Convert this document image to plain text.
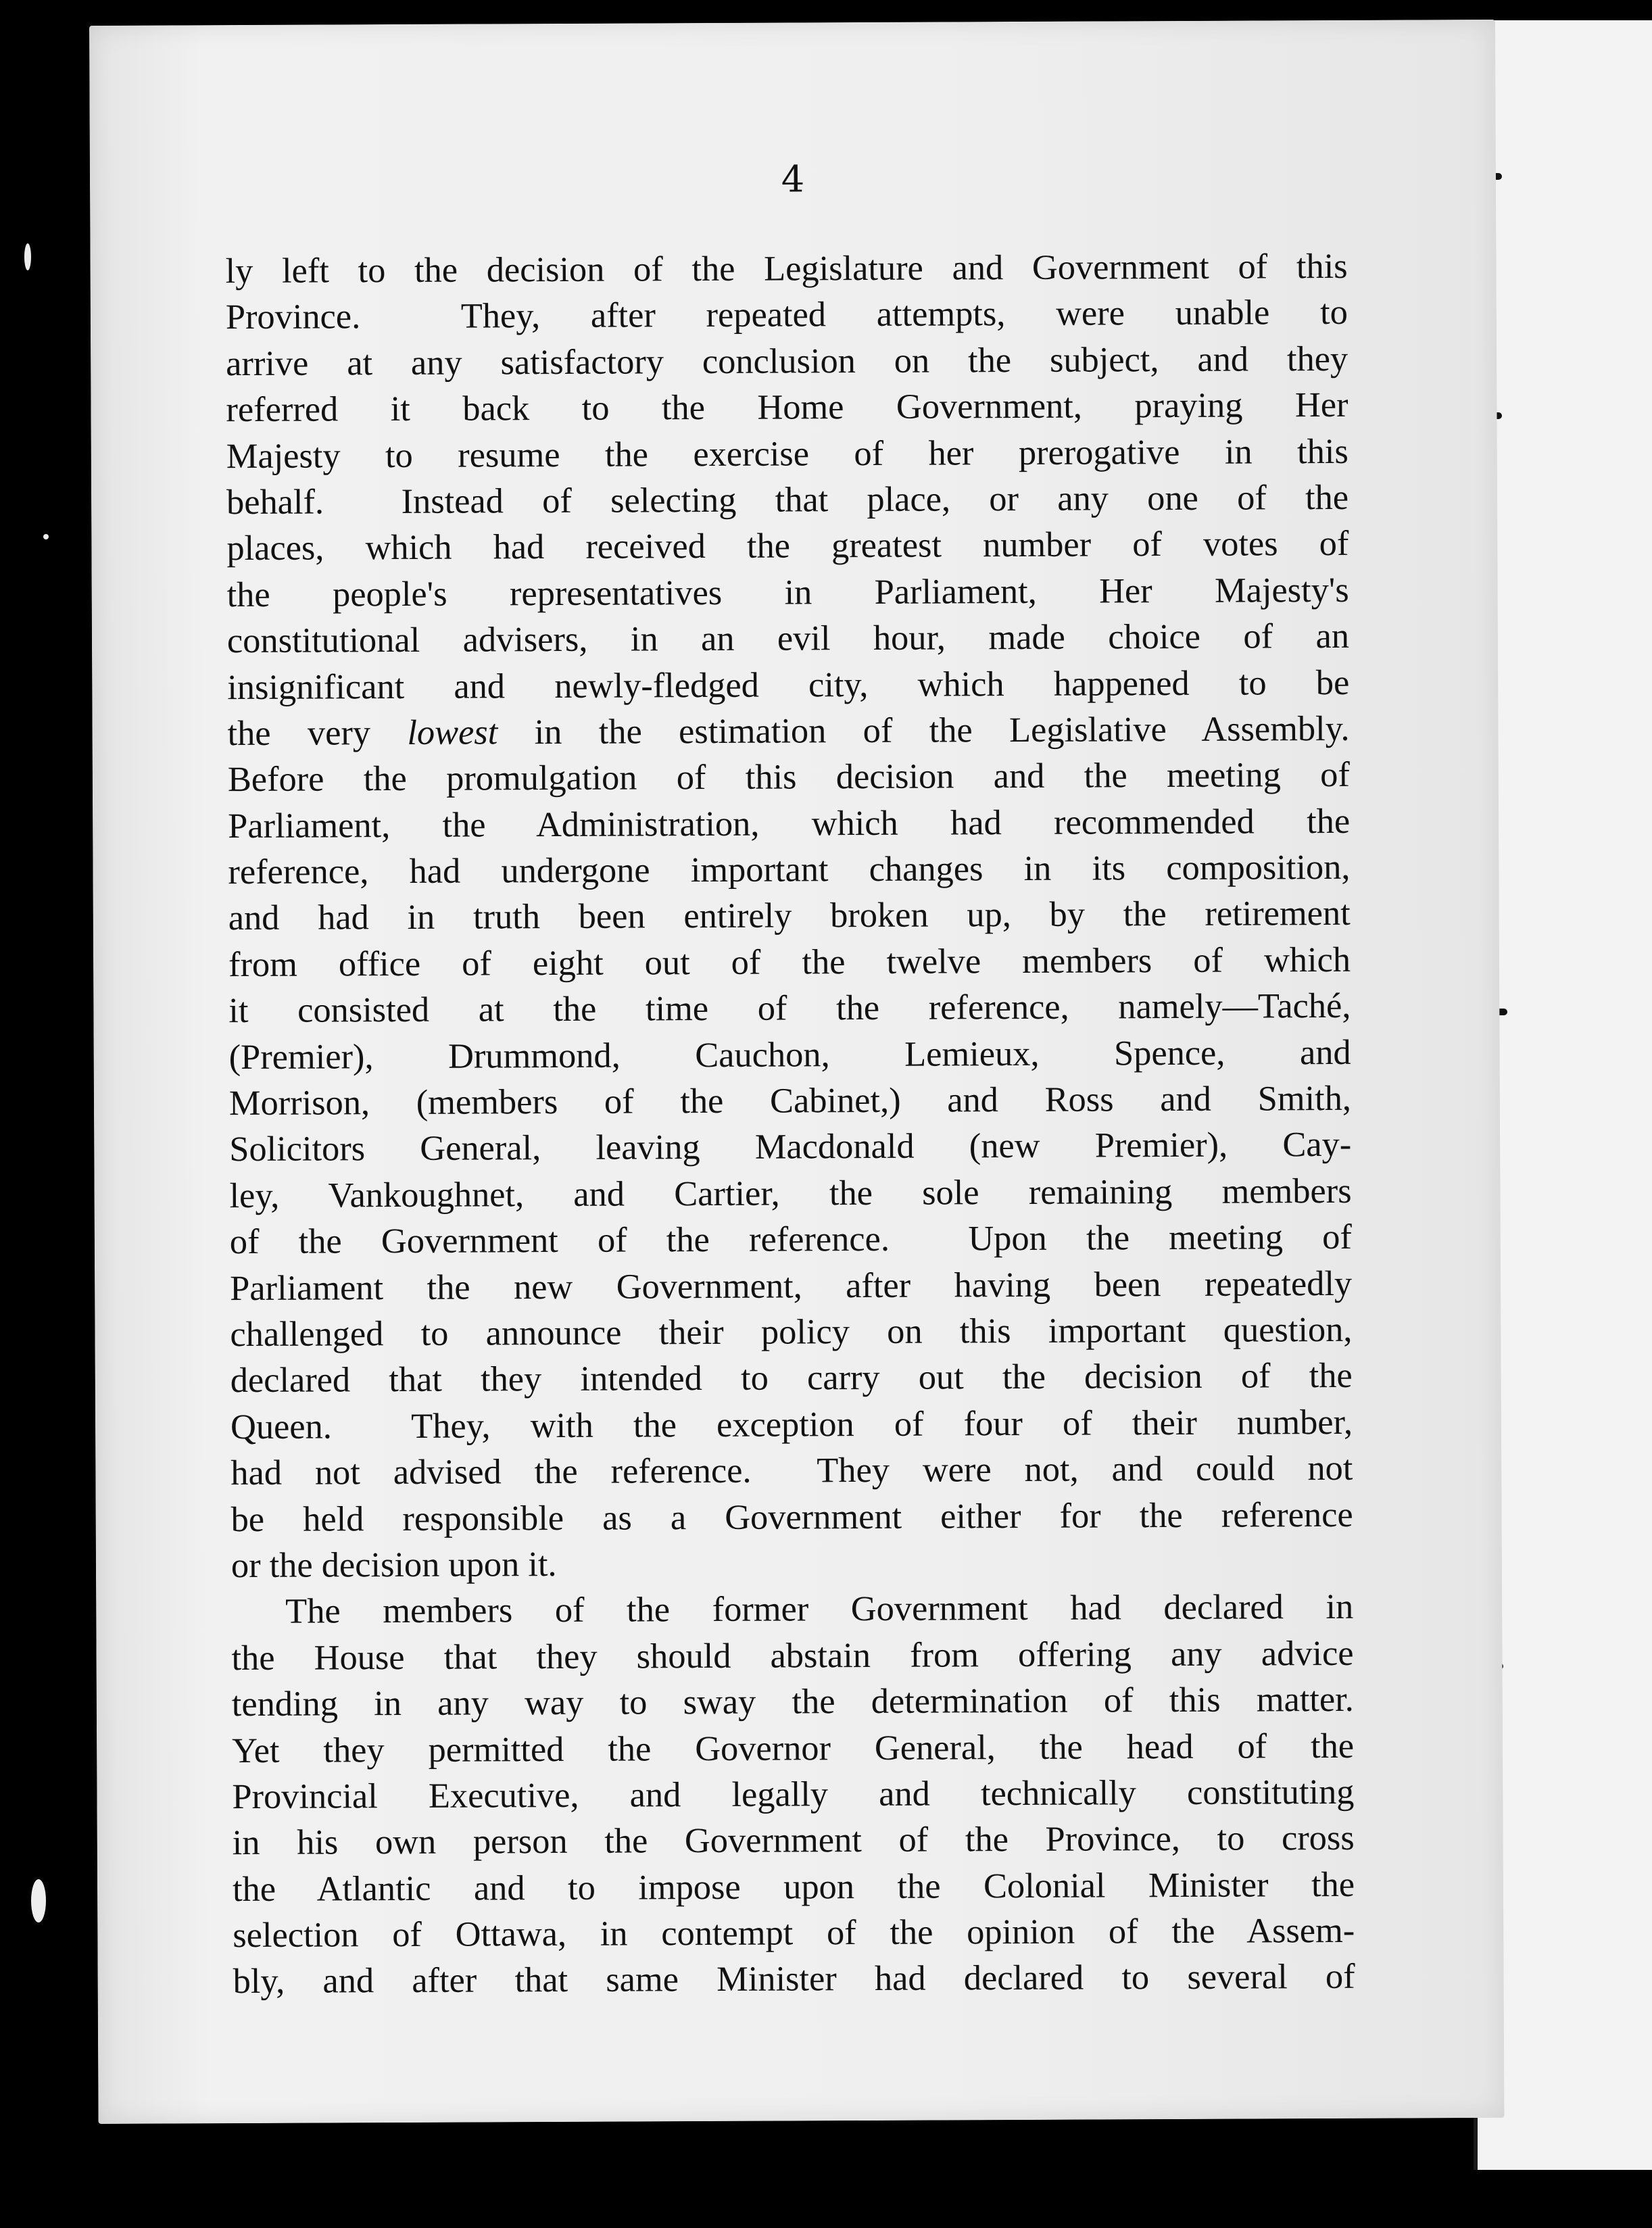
4
ly left to the decision of the Legislature and Government of this
Province.  They, after repeated attempts, were unable to
arrive at any satisfactory conclusion on the subject, and they
referred it back to the Home Government, praying Her
Majesty to resume the exercise of her prerogative in this
behalf.  Instead of selecting that place, or any one of the
places, which had received the greatest number of votes of
the people's representatives in Parliament, Her Majesty's
constitutional advisers, in an evil hour, made choice of an
insignificant and newly-fledged city, which happened to be
the very lowest in the estimation of the Legislative Assembly.
Before the promulgation of this decision and the meeting of
Parliament, the Administration, which had recommended the
reference, had undergone important changes in its composition,
and had in truth been entirely broken up, by the retirement
from office of eight out of the twelve members of which
it consisted at the time of the reference, namely—Taché,
(Premier), Drummond, Cauchon, Lemieux, Spence, and
Morrison, (members of the Cabinet,) and Ross and Smith,
Solicitors General, leaving Macdonald (new Premier), Cay-
ley, Vankoughnet, and Cartier, the sole remaining members
of the Government of the reference.  Upon the meeting of
Parliament the new Government, after having been repeatedly
challenged to announce their policy on this important question,
declared that they intended to carry out the decision of the
Queen.  They, with the exception of four of their number,
had not advised the reference.  They were not, and could not
be held responsible as a Government either for the reference
or the decision upon it.
The members of the former Government had declared in
the House that they should abstain from offering any advice
tending in any way to sway the determination of this matter.
Yet they permitted the Governor General, the head of the
Provincial Executive, and legally and technically constituting
in his own person the Government of the Province, to cross
the Atlantic and to impose upon the Colonial Minister the
selection of Ottawa, in contempt of the opinion of the Assem-
bly, and after that same Minister had declared to several of
